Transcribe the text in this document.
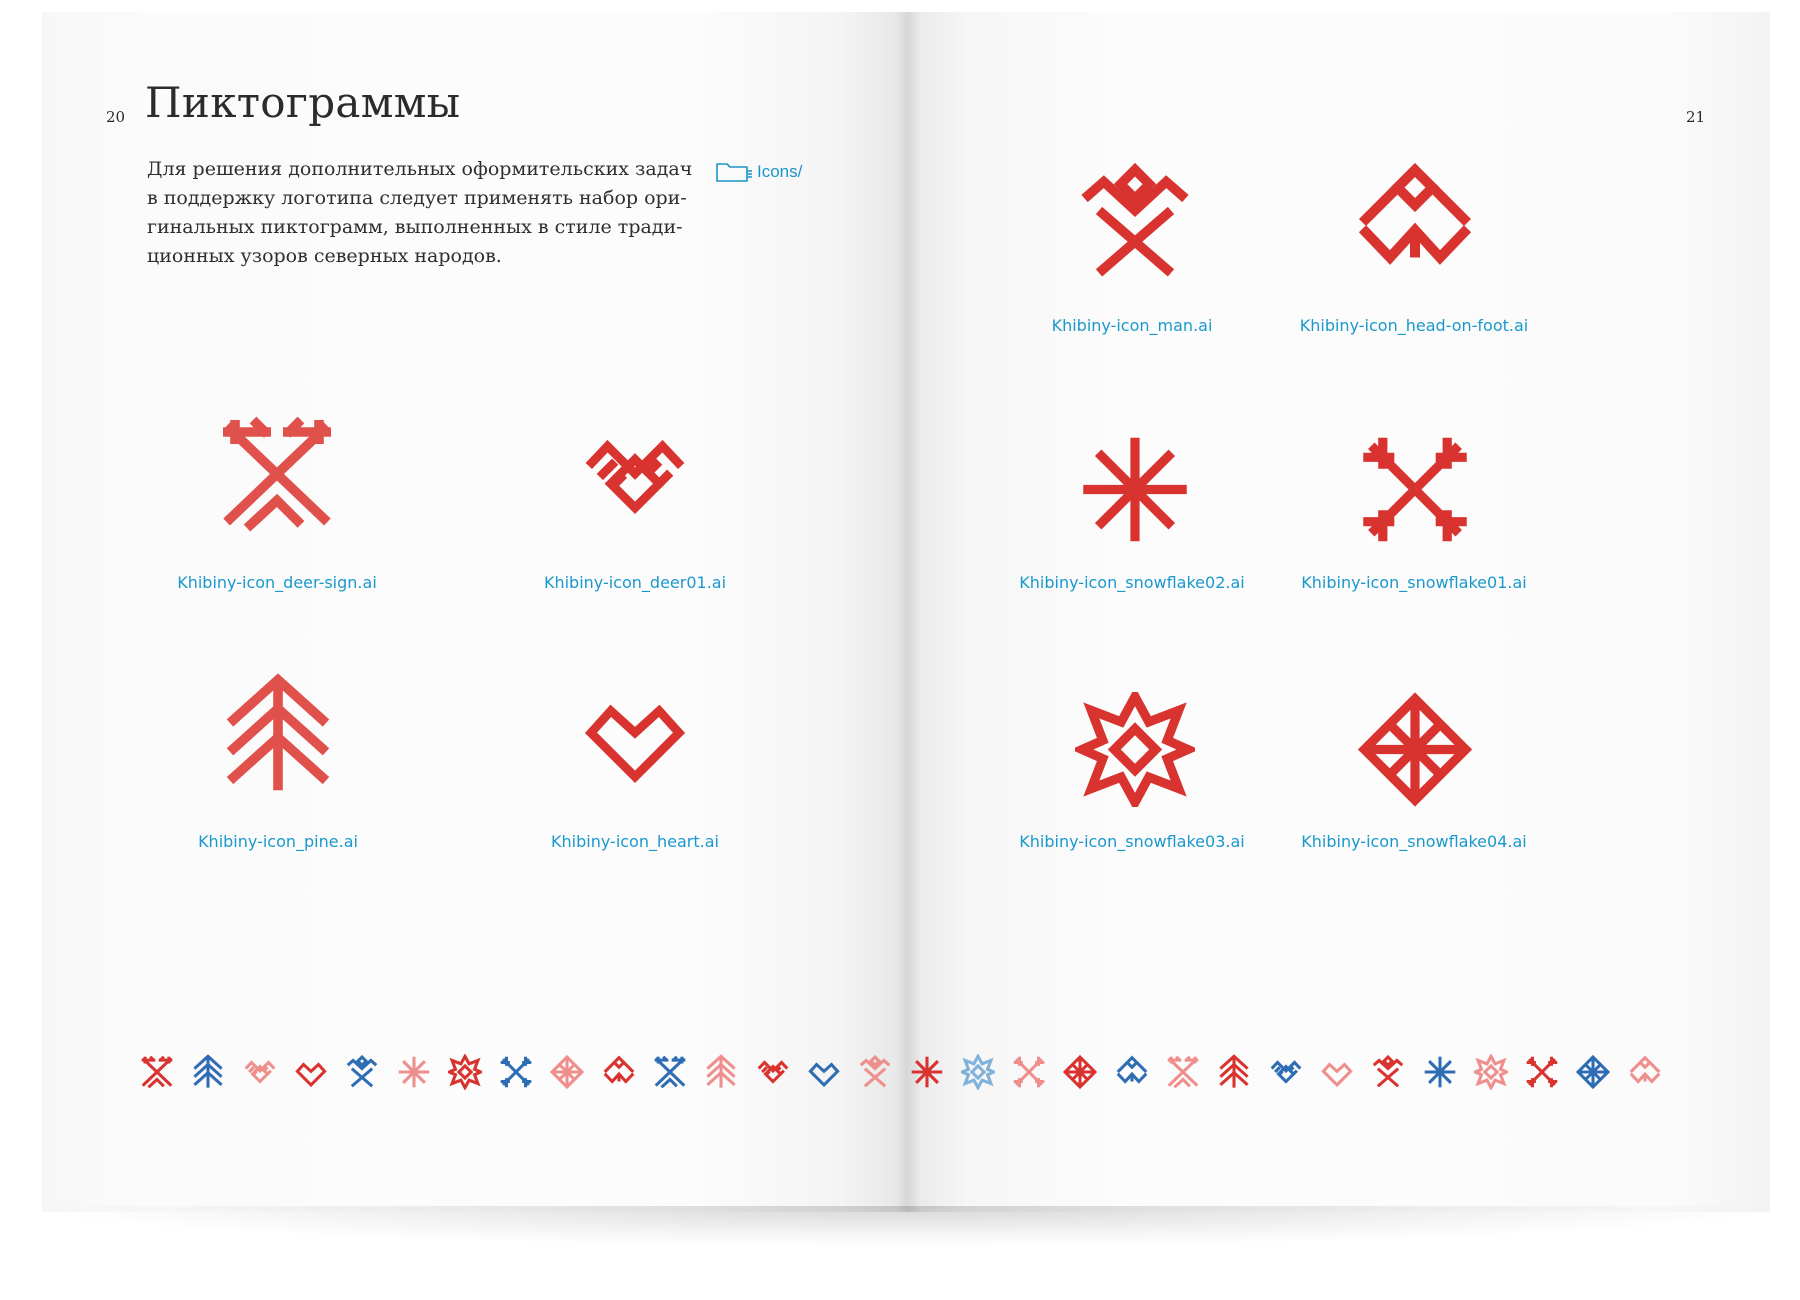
20	21
Пиктограммы
Для решения дополнительных оформительских задач
в поддержку логотипа следует применять набор ори-
гинальных пиктограмм, выполненных в стиле тради-
ционных узоров северных народов.
Icons/
Khibiny-icon_deer-sign.ai	Khibiny-icon_deer01.ai
Khibiny-icon_pine.ai	Khibiny-icon_heart.ai
Khibiny-icon_man.ai	Khibiny-icon_head-on-foot.ai
Khibiny-icon_snowflake02.ai	Khibiny-icon_snowflake01.ai
Khibiny-icon_snowflake03.ai	Khibiny-icon_snowflake04.ai
